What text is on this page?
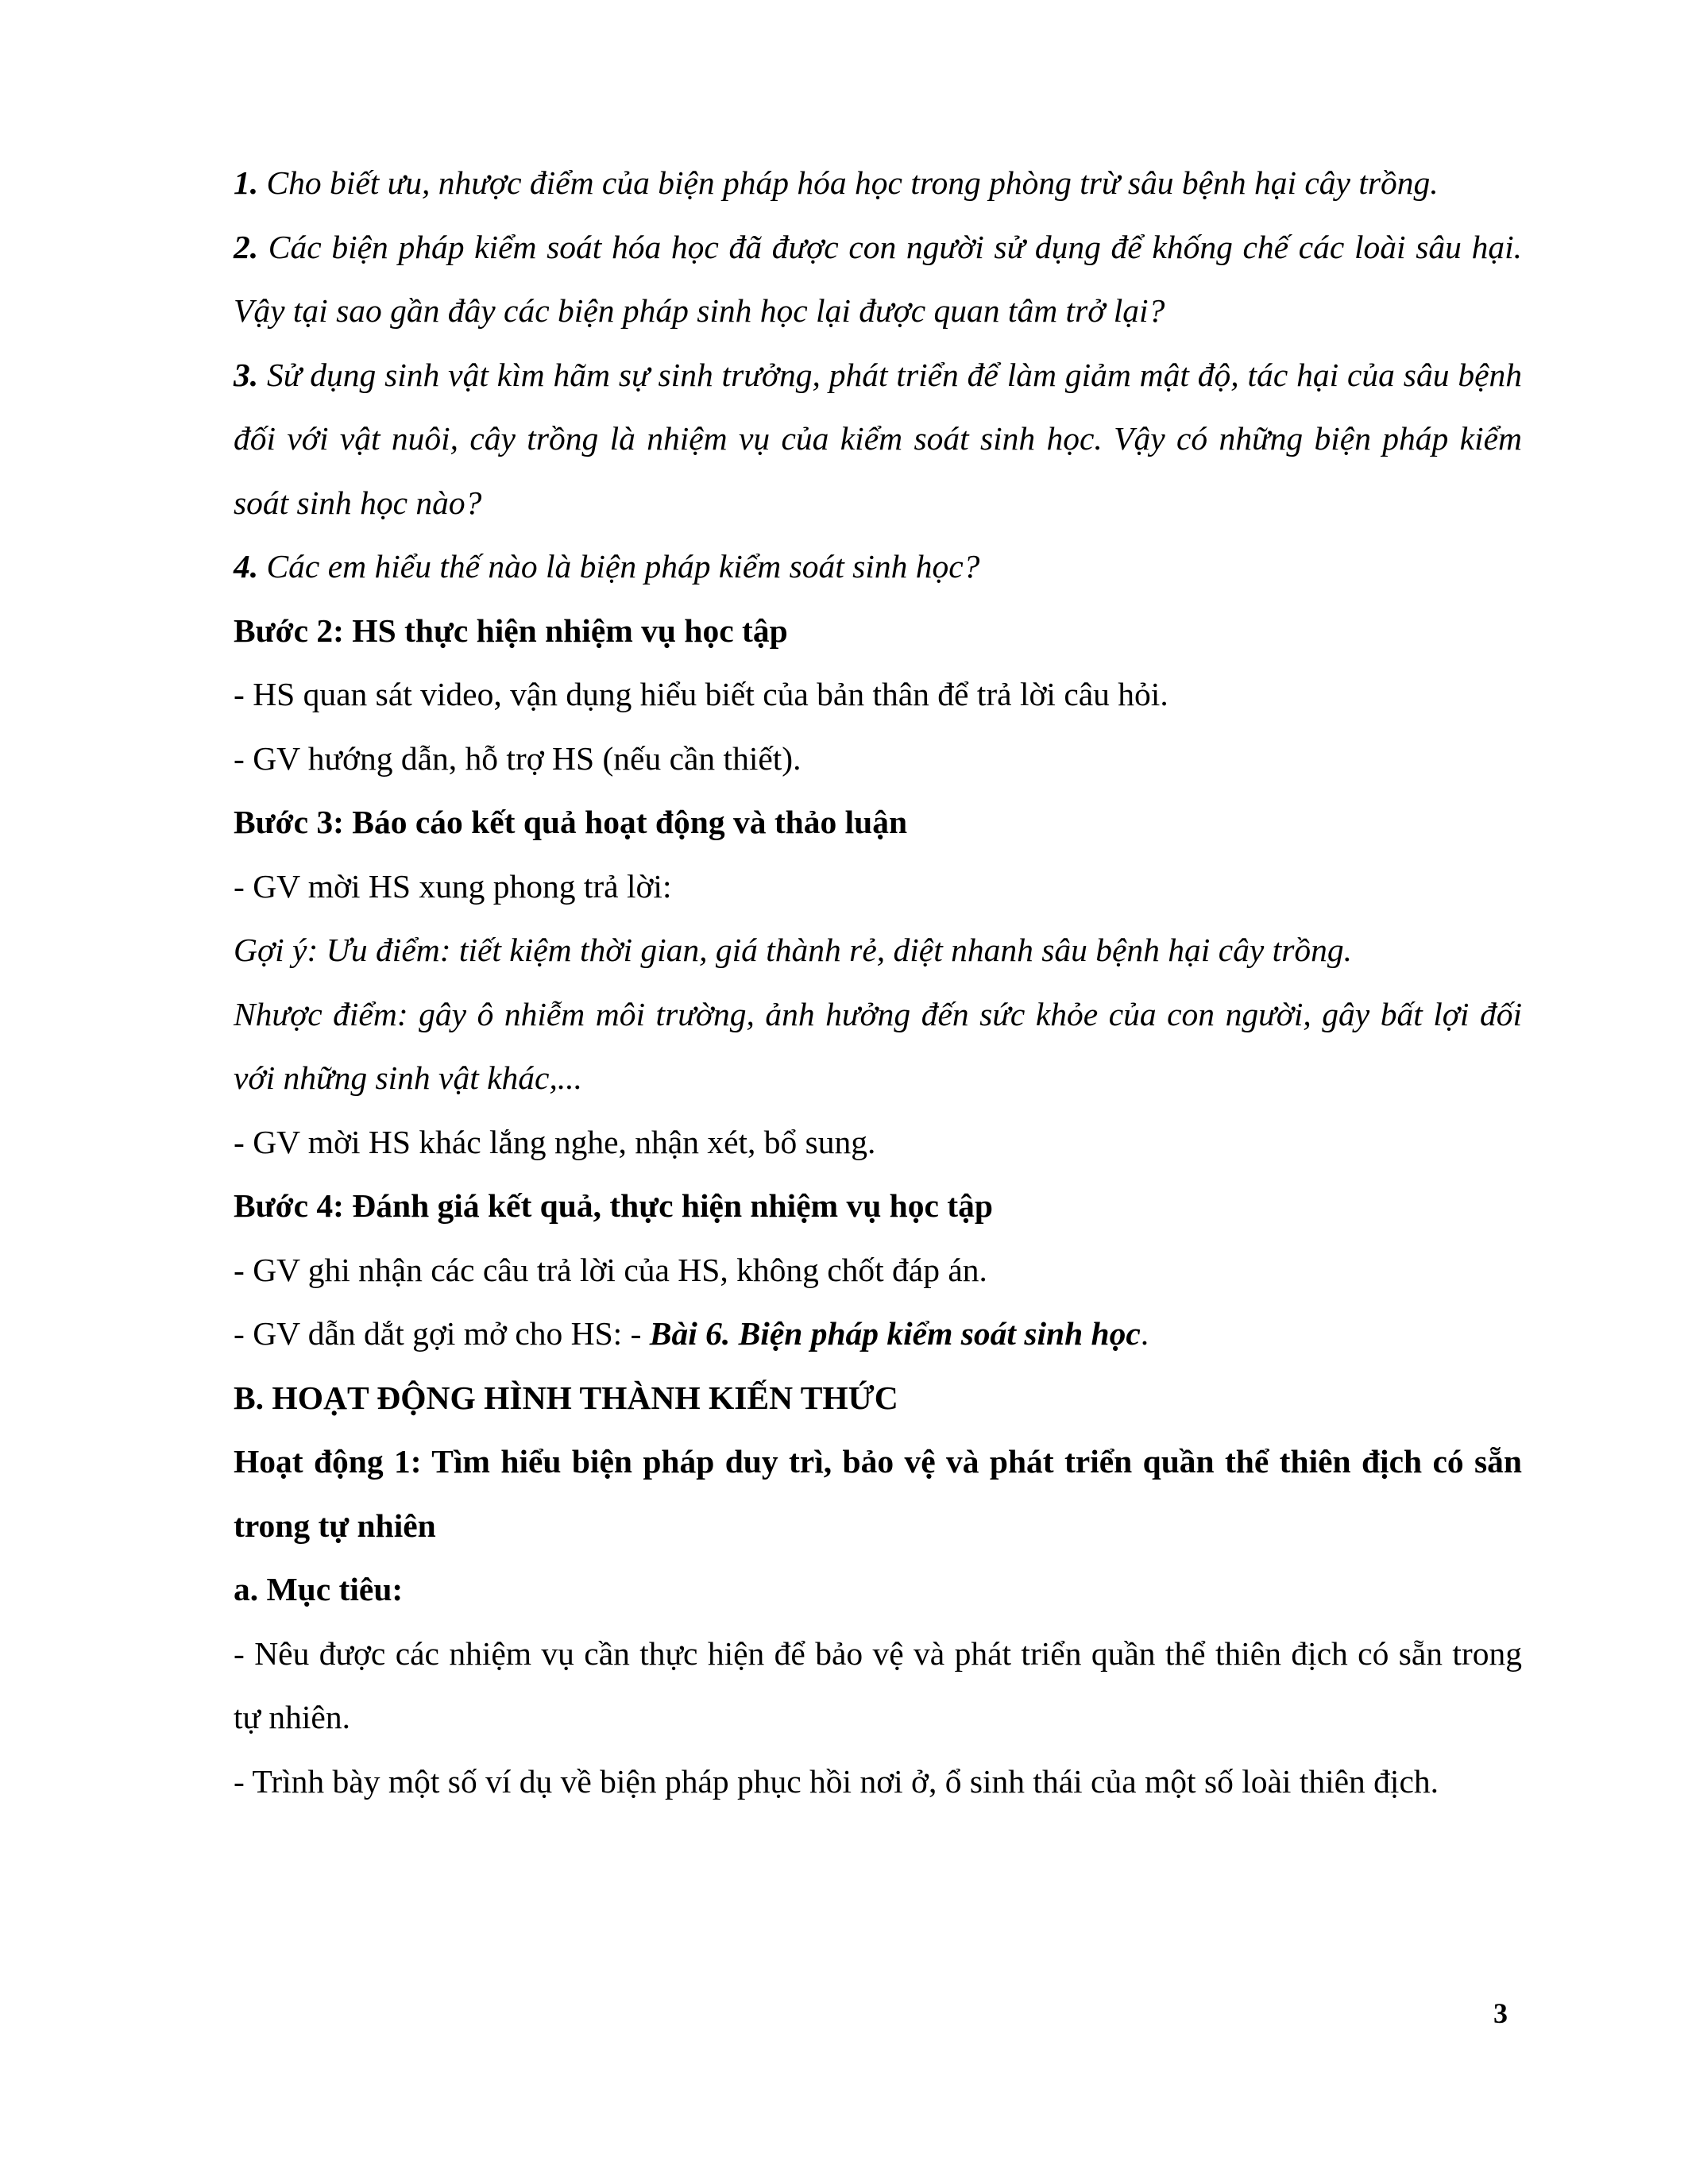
1. Cho biết ưu, nhược điểm của biện pháp hóa học trong phòng trừ sâu bệnh hại cây trồng.
2. Các biện pháp kiểm soát hóa học đã được con người sử dụng để khống chế các loài sâu hại. Vậy tại sao gần đây các biện pháp sinh học lại được quan tâm trở lại?
3. Sử dụng sinh vật kìm hãm sự sinh trưởng, phát triển để làm giảm mật độ, tác hại của sâu bệnh đối với vật nuôi, cây trồng là nhiệm vụ của kiểm soát sinh học. Vậy có những biện pháp kiểm soát sinh học nào?
4. Các em hiểu thế nào là biện pháp kiểm soát sinh học?
Bước 2: HS thực hiện nhiệm vụ học tập
- HS quan sát video, vận dụng hiểu biết của bản thân để trả lời câu hỏi.
- GV hướng dẫn, hỗ trợ HS (nếu cần thiết).
Bước 3: Báo cáo kết quả hoạt động và thảo luận
- GV mời HS xung phong trả lời:
Gợi ý: Ưu điểm: tiết kiệm thời gian, giá thành rẻ, diệt nhanh sâu bệnh hại cây trồng.
Nhược điểm: gây ô nhiễm môi trường, ảnh hưởng đến sức khỏe của con người, gây bất lợi đối với những sinh vật khác,...
- GV mời HS khác lắng nghe, nhận xét, bổ sung.
Bước 4: Đánh giá kết quả, thực hiện nhiệm vụ học tập
- GV ghi nhận các câu trả lời của HS, không chốt đáp án.
- GV dẫn dắt gợi mở cho HS: - Bài 6. Biện pháp kiểm soát sinh học.
B. HOẠT ĐỘNG HÌNH THÀNH KIẾN THỨC
Hoạt động 1: Tìm hiểu biện pháp duy trì, bảo vệ và phát triển quần thể thiên địch có sẵn trong tự nhiên
a. Mục tiêu:
- Nêu được các nhiệm vụ cần thực hiện để bảo vệ và phát triển quần thể thiên địch có sẵn trong tự nhiên.
- Trình bày một số ví dụ về biện pháp phục hồi nơi ở, ổ sinh thái của một số loài thiên địch.
3
